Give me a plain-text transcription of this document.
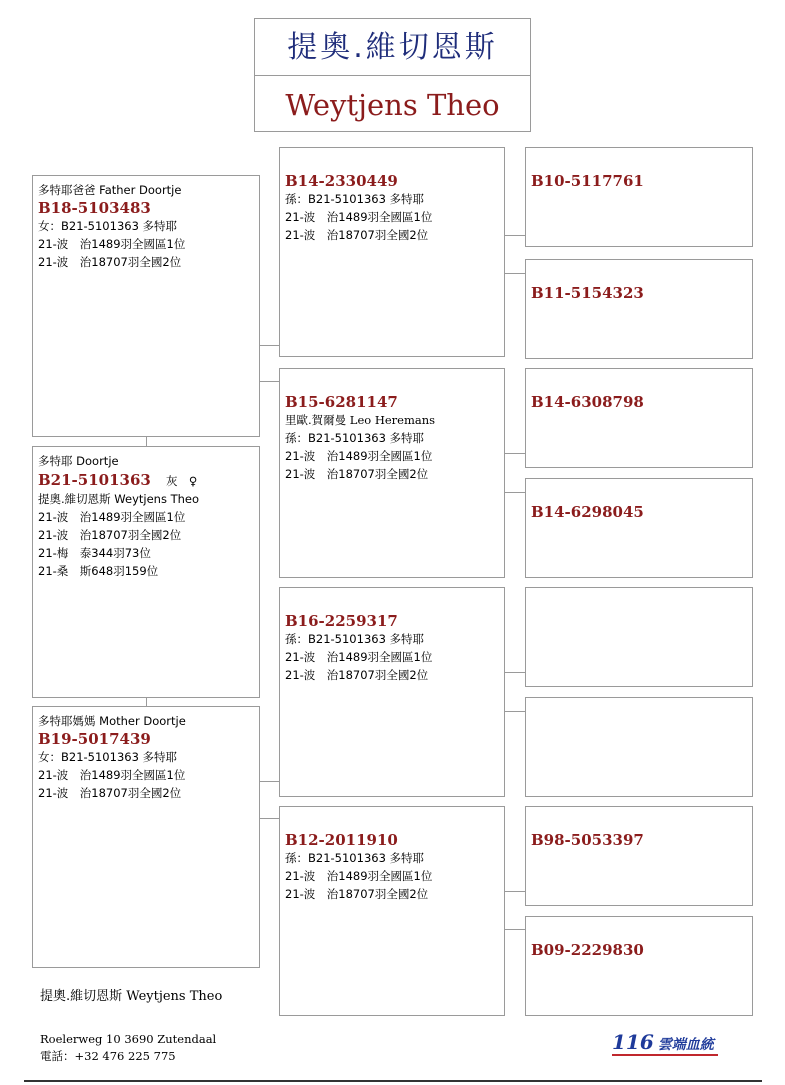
提奧.維切恩斯
Weytjens Theo
多特耶爸爸 Father Doortje
B18-5103483
女：B21-5101363 多特耶
21-波　治1489羽全國區1位
21-波　治18707羽全國2位
多特耶 Doortje
B21-5101363 灰　♀
提奧.維切恩斯 Weytjens Theo
21-波　治1489羽全國區1位
21-波　治18707羽全國2位
21-梅　泰344羽73位
21-桑　斯648羽159位
多特耶媽媽 Mother Doortje
B19-5017439
女：B21-5101363 多特耶
21-波　治1489羽全國區1位
21-波　治18707羽全國2位
B14-2330449
孫：B21-5101363 多特耶
21-波　治1489羽全國區1位
21-波　治18707羽全國2位
B15-6281147
里歐.賀爾曼 Leo Heremans
孫：B21-5101363 多特耶
21-波　治1489羽全國區1位
21-波　治18707羽全國2位
B16-2259317
孫：B21-5101363 多特耶
21-波　治1489羽全國區1位
21-波　治18707羽全國2位
B12-2011910
孫：B21-5101363 多特耶
21-波　治1489羽全國區1位
21-波　治18707羽全國2位
B10-5117761
B11-5154323
B14-6308798
B14-6298045
B98-5053397
B09-2229830
提奧.維切恩斯 Weytjens Theo
Roelerweg 10 3690 Zutendaal
電話：+32 476 225 775
116 雲端血統
